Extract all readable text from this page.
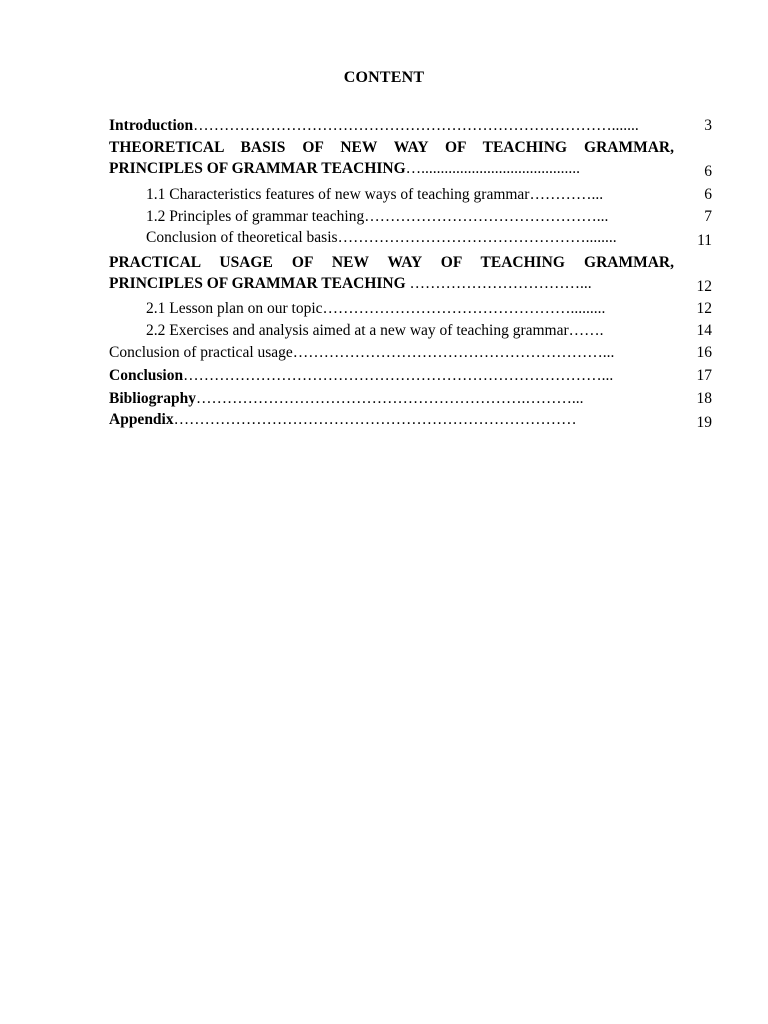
CONTENT
Introduction……………………………………………………………………….......	3
THEORETICAL BASIS OF NEW WAY OF TEACHING GRAMMAR,
PRINCIPLES OF GRAMMAR TEACHING….........................................	6
1.1 Characteristics features of new ways of teaching grammar…………...	6
1.2 Principles of grammar teaching………………………………………...	7
Conclusion of theoretical basis…………………………………………........	11
PRACTICAL USAGE OF NEW WAY OF TEACHING GRAMMAR,
PRINCIPLES OF GRAMMAR TEACHING ……………………………...	12
2.1 Lesson plan on our topic………………………………………….........	12
2.2 Exercises and analysis aimed at a new way of teaching grammar…….	14
Conclusion of practical usage……………………………………………………...	16
Conclusion………………………………………………………………………...	17
Bibliography……………………………………………………….………...	18
Appendix……………………………………………………………………	19
